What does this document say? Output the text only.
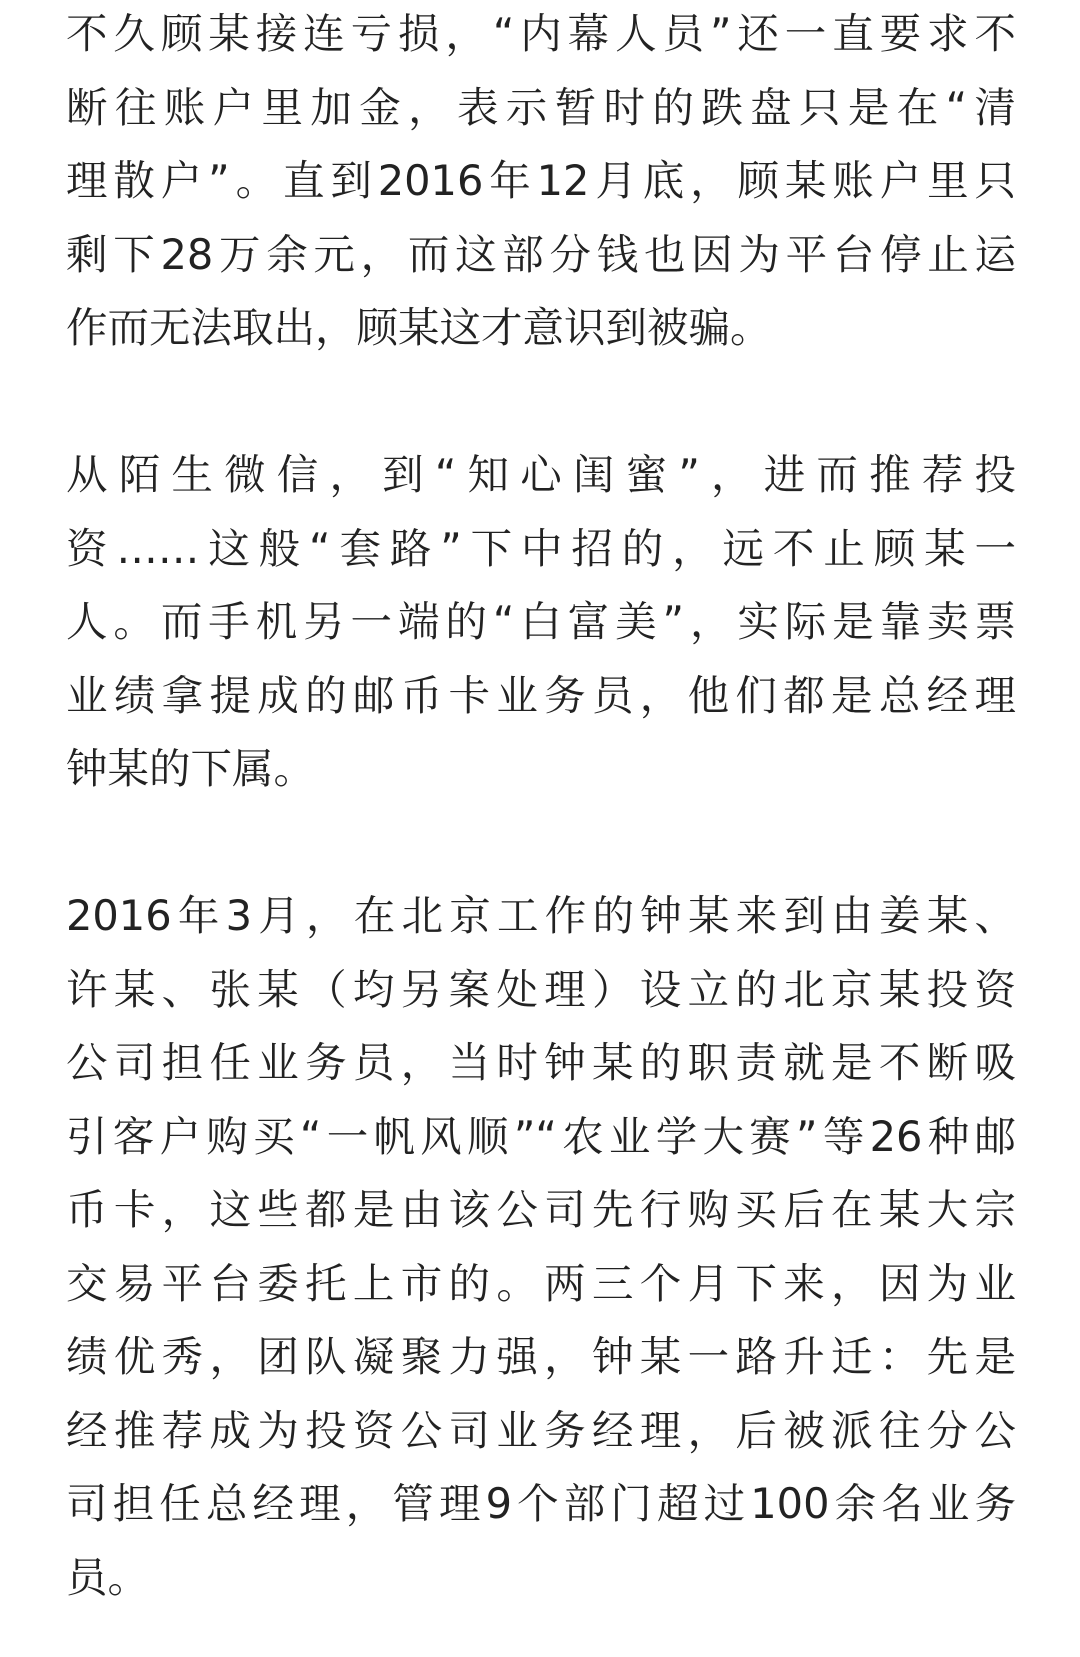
不久顾某接连亏损，“内幕人员”还一直要求不
断往账户里加金，表示暂时的跌盘只是在“清
理散户”。直到2016年12月底，顾某账户里只
剩下28万余元，而这部分钱也因为平台停止运
作而无法取出，顾某这才意识到被骗。
从陌生微信，到“知心闺蜜”，进而推荐投
资……这般“套路”下中招的，远不止顾某一
人。而手机另一端的“白富美”，实际是靠卖票
业绩拿提成的邮币卡业务员，他们都是总经理
钟某的下属。
2016年3月，在北京工作的钟某来到由姜某、
许某、张某（均另案处理）设立的北京某投资
公司担任业务员，当时钟某的职责就是不断吸
引客户购买“一帆风顺”“农业学大赛”等26种邮
币卡，这些都是由该公司先行购买后在某大宗
交易平台委托上市的。两三个月下来，因为业
绩优秀，团队凝聚力强，钟某一路升迁：先是
经推荐成为投资公司业务经理，后被派往分公
司担任总经理，管理9个部门超过100余名业务
员。
